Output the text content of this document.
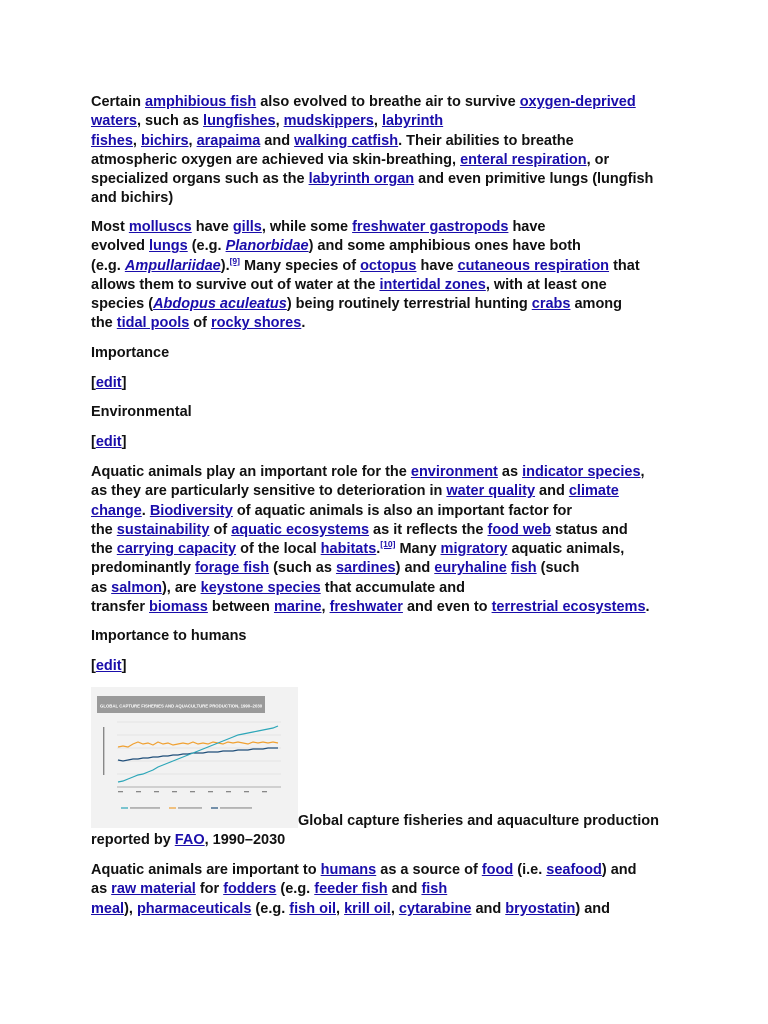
Certain amphibious fish also evolved to breathe air to survive oxygen-deprived
waters, such as lungfishes, mudskippers, labyrinth
fishes, bichirs, arapaima and walking catfish. Their abilities to breathe
atmospheric oxygen are achieved via skin-breathing, enteral respiration, or
specialized organs such as the labyrinth organ and even primitive lungs (lungfish
and bichirs)

Most molluscs have gills, while some freshwater gastropods have
evolved lungs (e.g. Planorbidae) and some amphibious ones have both
(e.g. Ampullariidae).[9] Many species of octopus have cutaneous respiration that
allows them to survive out of water at the intertidal zones, with at least one
species (Abdopus aculeatus) being routinely terrestrial hunting crabs among
the tidal pools of rocky shores.

Importance

[edit]

Environmental

[edit]

Aquatic animals play an important role for the environment as indicator species,
as they are particularly sensitive to deterioration in water quality and climate
change. Biodiversity of aquatic animals is also an important factor for
the sustainability of aquatic ecosystems as it reflects the food web status and
the carrying capacity of the local habitats.[10] Many migratory aquatic animals,
predominantly forage fish (such as sardines) and euryhaline fish (such
as salmon), are keystone species that accumulate and
transfer biomass between marine, freshwater and even to terrestrial ecosystems.

Importance to humans

[edit]

GLOBAL CAPTURE FISHERIES AND AQUACULTURE PRODUCTION, 1990–2030
Global capture fisheries and aquaculture production
reported by FAO, 1990–2030

Aquatic animals are important to humans as a source of food (i.e. seafood) and
as raw material for fodders (e.g. feeder fish and fish
meal), pharmaceuticals (e.g. fish oil, krill oil, cytarabine and bryostatin) and
